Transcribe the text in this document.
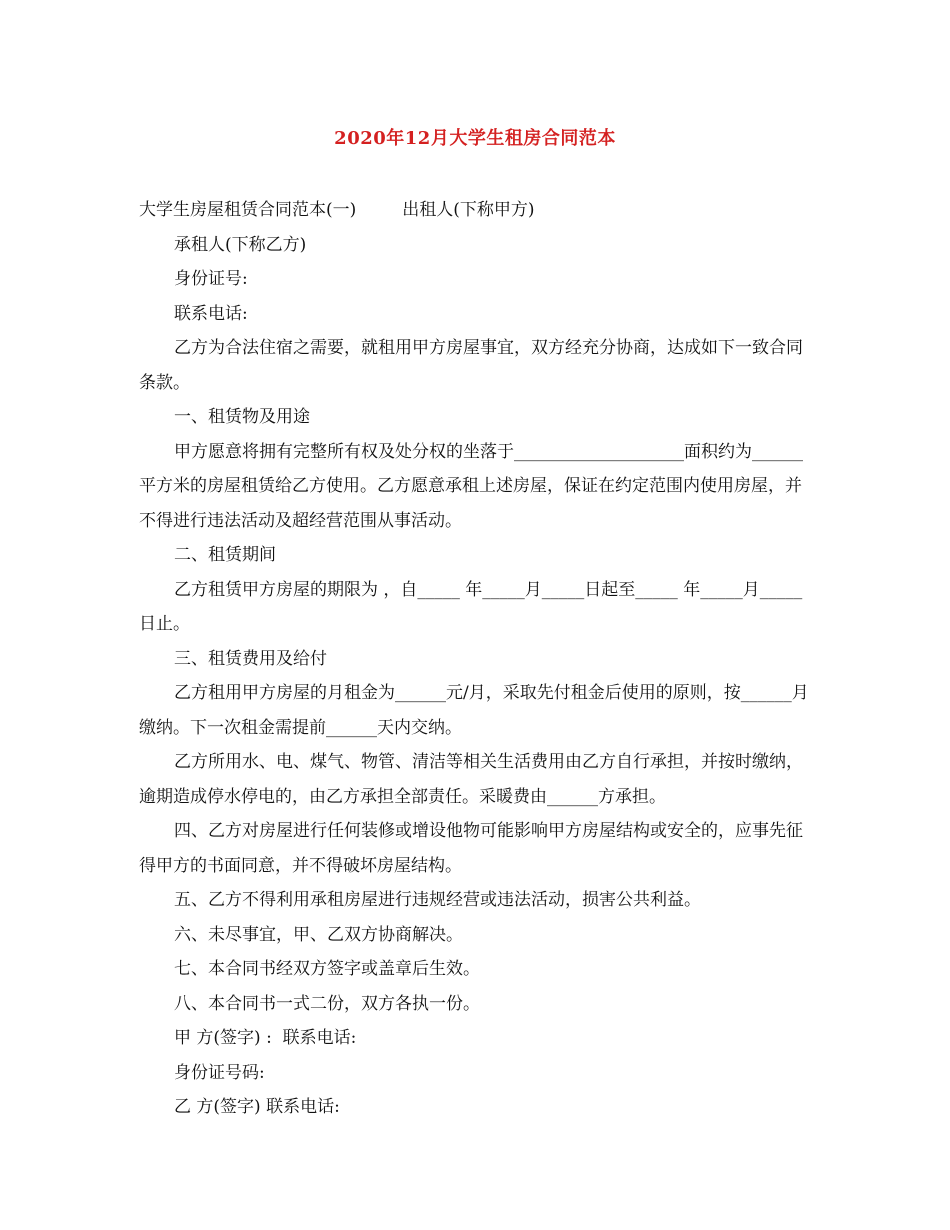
2020年12月大学生租房合同范本

大学生房屋租赁合同范本(一)	出租人(下称甲方)

承租人(下称乙方)

身份证号:

联系电话:

乙方为合法住宿之需要，就租用甲方房屋事宜，双方经充分协商，达成如下一致合同条款。

一、租赁物及用途

甲方愿意将拥有完整所有权及处分权的坐落于____________________面积约为______平方米的房屋租赁给乙方使用。乙方愿意承租上述房屋，保证在约定范围内使用房屋，并不得进行违法活动及超经营范围从事活动。

二、租赁期间

乙方租赁甲方房屋的期限为 ，自_____ 年_____月_____日起至_____ 年_____月_____日止。

三、租赁费用及给付

乙方租用甲方房屋的月租金为______元/月，采取先付租金后使用的原则，按______月缴纳。下一次租金需提前______天内交纳。

乙方所用水、电、煤气、物管、清洁等相关生活费用由乙方自行承担，并按时缴纳，逾期造成停水停电的，由乙方承担全部责任。采暖费由______方承担。

四、乙方对房屋进行任何装修或增设他物可能影响甲方房屋结构或安全的，应事先征得甲方的书面同意，并不得破坏房屋结构。

五、乙方不得利用承租房屋进行违规经营或违法活动，损害公共利益。

六、未尽事宜，甲、乙双方协商解决。

七、本合同书经双方签字或盖章后生效。

八、本合同书一式二份，双方各执一份。

甲 方(签字) :  联系电话:

身份证号码:

乙 方(签字) 联系电话:
